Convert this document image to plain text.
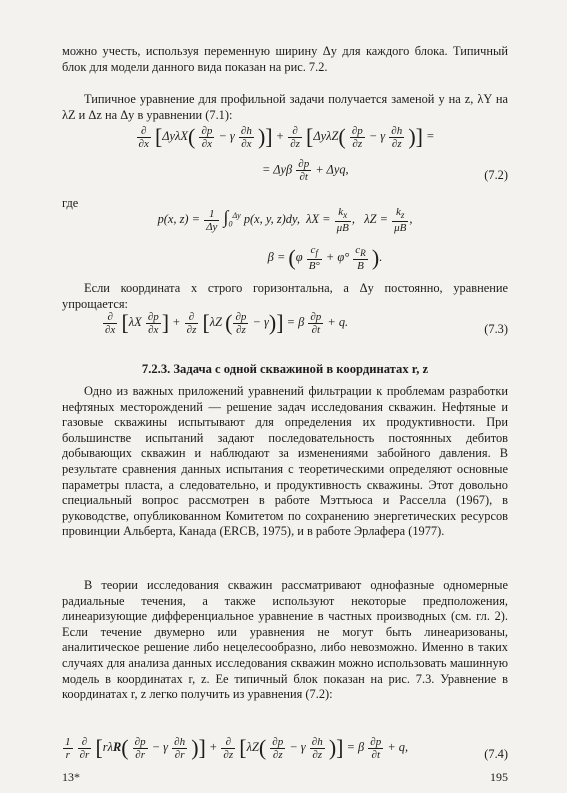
можно учесть, используя переменную ширину Δy для каждого блока. Типичный блок для модели данного вида показан на рис. 7.2.

Типичное уравнение для профильной задачи получается заменой y на z, λY на λZ и Δz на Δy в уравнении (7.1):

$\frac{\partial}{\partial x} [\Delta y\lambda X( \frac{\partial p}{\partial x} - \gamma \frac{\partial h}{\partial x}$ )] + $\frac{\partial}{\partial z} [\Delta y\lambda Z( \frac{\partial p}{\partial z} - \gamma \frac{\partial h}{\partial z}$ )] =
= Δyβ $\frac{\partial p}{\partial t} + \Delta yq$,	(7.2)

где

p(x, $z) = \frac{1}{\Delta y} \int_0^{\Delta y}$ p(x, y, z)dy,  $\lambda X = \frac{k_x}{\mu B}$ ,   $\lambda Z = \frac{k_z}{\mu B}$ ,
$\beta = (\varphi \frac{c_f}{B^\circ} + \varphi^\circ \frac{c_R}{B}$ ).

Если координата x строго горизонтальна, а Δy постоянно, уравнение упрощается:

$\frac{\partial}{\partial x} [\lambda X \frac{\partial p}{\partial x}$ ] + $\frac{\partial}{\partial z} [\lambda Z$ ( $\frac{\partial p}{\partial z} - \gamma)] = \beta \frac{\partial p}{\partial t} + q$.
(7.3)
7.2.3. Задача с одной скважиной в координатах r, z

Одно из важных приложений уравнений фильтрации к проблемам разработки нефтяных месторождений — решение задач исследования скважин. Нефтяные и газовые скважины испытывают для определения их продуктивности. При большинстве испытаний задают последовательность постоянных дебитов добывающих скважин и наблюдают за изменениями забойного давления. В результате сравнения данных испытания с теоретическими определяют основные параметры пласта, а следовательно, и продуктивность скважины. Этот довольно специальный вопрос рассмотрен в работе Мэттьюса и Расселла (1967), в руководстве, опубликованном Комитетом по сохранению энергетических ресурсов провинции Альберта, Канада (ERCB, 1975), и в работе Эрлафера (1977).

В теории исследования скважин рассматривают однофазные одномерные радиальные течения, а также используют некоторые предположения, линеаризующие дифференциальное уравнение в частных производных (см. гл. 2). Если течение двумерно или уравнения не могут быть линеаризованы, аналитическое решение либо нецелесообразно, либо невозможно. Именно в таких случаях для анализа данных исследования скважин можно использовать машинную модель в координатах r, z. Ее типичный блок показан на рис. 7.3. Уравнение в координатах r, z легко получить из уравнения (7.2):

$\frac{1}{r}$
$\frac{\partial}{\partial r} [r\lambda R( \frac{\partial p}{\partial r} - \gamma \frac{\partial h}{\partial r}$ )] + $\frac{\partial}{\partial z} [\lambda Z( \frac{\partial p}{\partial z} - \gamma \frac{\partial h}{\partial z}$ )] = β $\frac{\partial p}{\partial t} + q$,
(7.4)
13*	195
